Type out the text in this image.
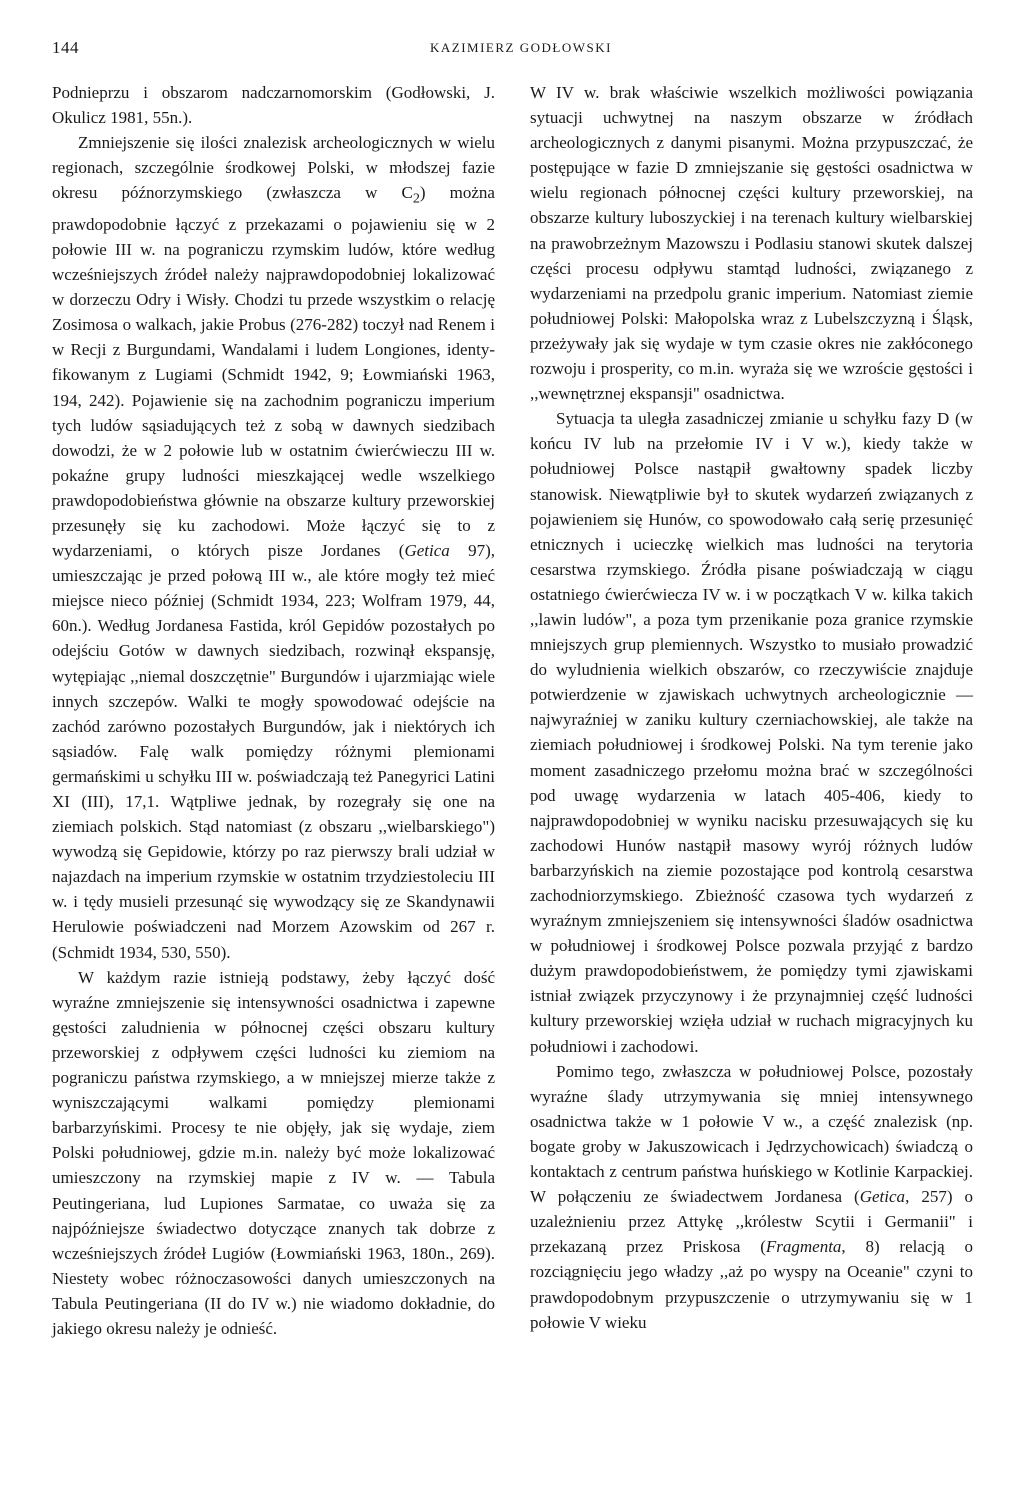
144	KAZIMIERZ GODŁOWSKI

Podnieprzu i obszarom nadczarnomorskim (Godłowski, J. Okulicz 1981, 55n.).

Zmniejszenie się ilości znalezisk archeologicznych w wielu regionach, szczególnie środkowej Polski, w młodszej fazie okresu późnorzymskiego (zwłaszcza w $C_2$) można prawdopodobnie łączyć z przekazami o pojawieniu się w 2 połowie III w. na pograniczu rzymskim ludów, które według wcześniejszych źródeł należy najprawdopodobniej lokalizować w dorzeczu Odry i Wisły. Chodzi tu przede wszystkim o relację Zosimosa o walkach, jakie Probus (276-282) toczył nad Renem i w Recji z Burgundami, Wandalami i ludem Longiones, identyfikowanym z Lugiami (Schmidt 1942, 9; Łowmiański 1963, 194, 242). Pojawienie się na zachodnim pograniczu imperium tych ludów sąsiadujących też z sobą w dawnych siedzibach dowodzi, że w 2 połowie lub w ostatnim ćwierćwieczu III w. pokaźne grupy ludności mieszkającej wedle wszelkiego prawdopodobieństwa głównie na obszarze kultury przeworskiej przesunęły się ku zachodowi. Może łączyć się to z wydarzeniami, o których pisze Jordanes (Getica 97), umieszczając je przed połową III w., ale które mogły też mieć miejsce nieco później (Schmidt 1934, 223; Wolfram 1979, 44, 60n.). Według Jordanesa Fastida, król Gepidów pozostałych po odejściu Gotów w dawnych siedzibach, rozwinął ekspansję, wytępiając ,,niemal doszczętnie" Burgundów i ujarzmiając wiele innych szczepów. Walki te mogły spowodować odejście na zachód zarówno pozostałych Burgundów, jak i niektórych ich sąsiadów. Falę walk pomiędzy różnymi plemionami germańskimi u schyłku III w. poświadczają też Panegyrici Latini XI (III), 17,1. Wątpliwe jednak, by rozegrały się one na ziemiach polskich. Stąd natomiast (z obszaru ,,wielbarskiego") wywodzą się Gepidowie, którzy po raz pierwszy brali udział w najazdach na imperium rzymskie w ostatnim trzydziestoleciu III w. i tędy musieli przesunąć się wywodzący się ze Skandynawii Herulowie poświadczeni nad Morzem Azowskim od 267 r. (Schmidt 1934, 530, 550).

W każdym razie istnieją podstawy, żeby łączyć dość wyraźne zmniejszenie się intensywności osadnictwa i zapewne gęstości zaludnienia w północnej części obszaru kultury przeworskiej z odpływem części ludności ku ziemiom na pograniczu państwa rzymskiego, a w mniejszej mierze także z wyniszczającymi walkami pomiędzy plemionami barbarzyńskimi. Procesy te nie objęły, jak się wydaje, ziem Polski południowej, gdzie m.in. należy być może lokalizować umieszczony na rzymskiej mapie z IV w. — Tabula Peutingeriana, lud Lupiones Sarmatae, co uważa się za najpóźniejsze świadectwo dotyczące znanych tak dobrze z wcześniejszych źródeł Lugiów (Łowmiański 1963, 180n., 269). Niestety wobec różnoczasowości danych umieszczonych na Tabula Peutingeriana (II do IV w.) nie wiadomo dokładnie, do jakiego okresu należy je odnieść.

W IV w. brak właściwie wszelkich możliwości powiązania sytuacji uchwytnej na naszym obszarze w źródłach archeologicznych z danymi pisanymi. Można przypuszczać, że postępujące w fazie D zmniejszanie się gęstości osadnictwa w wielu regionach północnej części kultury przeworskiej, na obszarze kultury luboszyckiej i na terenach kultury wielbarskiej na prawobrzeżnym Mazowszu i Podlasiu stanowi skutek dalszej części procesu odpływu stamtąd ludności, związanego z wydarzeniami na przedpolu granic imperium. Natomiast ziemie południowej Polski: Małopolska wraz z Lubelszczyzną i Śląsk, przeżywały jak się wydaje w tym czasie okres nie zakłóconego rozwoju i prosperity, co m.in. wyraża się we wzroście gęstości i ,,wewnętrznej ekspansji" osadnictwa.

Sytuacja ta uległa zasadniczej zmianie u schyłku fazy D (w końcu IV lub na przełomie IV i V w.), kiedy także w południowej Polsce nastąpił gwałtowny spadek liczby stanowisk. Niewątpliwie był to skutek wydarzeń związanych z pojawieniem się Hunów, co spowodowało całą serię przesunięć etnicznych i ucieczkę wielkich mas ludności na terytoria cesarstwa rzymskiego. Źródła pisane poświadczają w ciągu ostatniego ćwierćwiecza IV w. i w początkach V w. kilka takich ,,lawin ludów", a poza tym przenikanie poza granice rzymskie mniejszych grup plemiennych. Wszystko to musiało prowadzić do wyludnienia wielkich obszarów, co rzeczywiście znajduje potwierdzenie w zjawiskach uchwytnych archeologicznie — najwyraźniej w zaniku kultury czerniachowskiej, ale także na ziemiach południowej i środkowej Polski. Na tym terenie jako moment zasadniczego przełomu można brać w szczególności pod uwagę wydarzenia w latach 405-406, kiedy to najprawdopodobniej w wyniku nacisku przesuwających się ku zachodowi Hunów nastąpił masowy wyrój różnych ludów barbarzyńskich na ziemie pozostające pod kontrolą cesarstwa zachodniorzymskiego. Zbieżność czasowa tych wydarzeń z wyraźnym zmniejszeniem się intensywności śladów osadnictwa w południowej i środkowej Polsce pozwala przyjąć z bardzo dużym prawdopodobieństwem, że pomiędzy tymi zjawiskami istniał związek przyczynowy i że przynajmniej część ludności kultury przeworskiej wzięła udział w ruchach migracyjnych ku południowi i zachodowi.

Pomimo tego, zwłaszcza w południowej Polsce, pozostały wyraźne ślady utrzymywania się mniej intensywnego osadnictwa także w 1 połowie V w., a część znalezisk (np. bogate groby w Jakuszowicach i Jędrzychowicach) świadczą o kontaktach z centrum państwa huńskiego w Kotlinie Karpackiej. W połączeniu ze świadectwem Jordanesa (Getica, 257) o uzależnieniu przez Attykę ,,królestw Scytii i Germanii" i przekazaną przez Priskosa (Fragmenta, 8) relacją o rozciągnięciu jego władzy ,,aż po wyspy na Oceanie" czyni to prawdopodobnym przypuszczenie o utrzymywaniu się w 1 połowie V wieku
